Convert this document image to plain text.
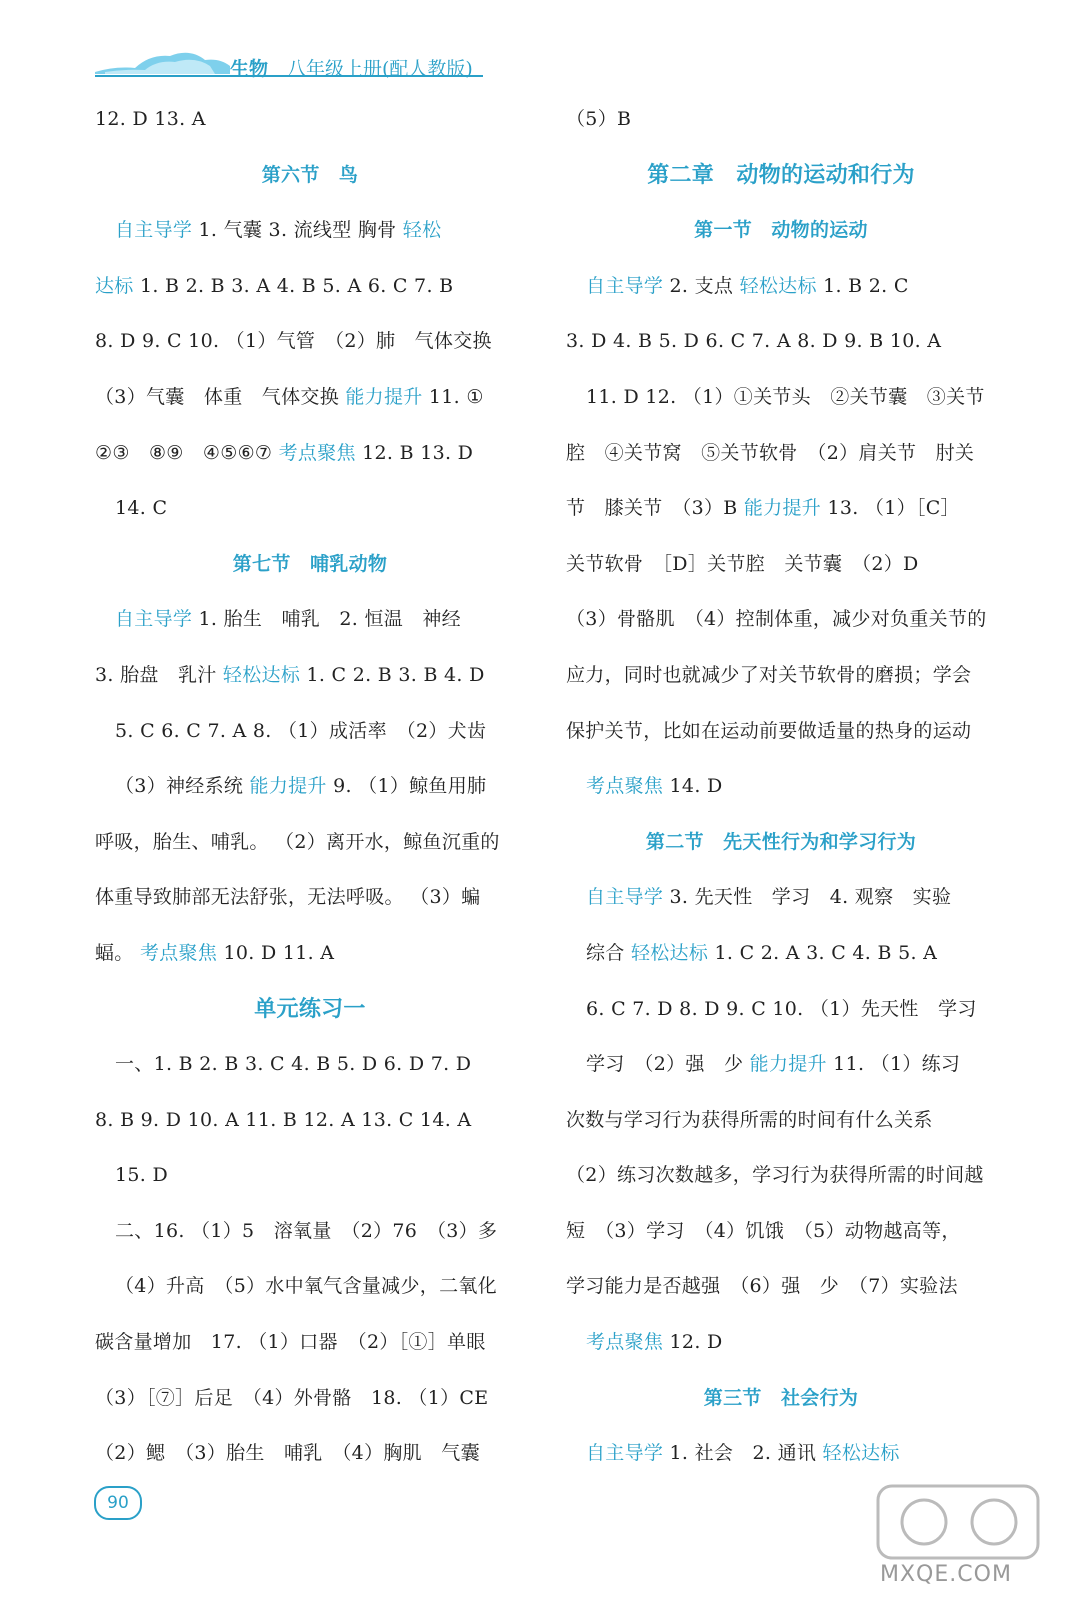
生物 八年级上册(配人教版)
12. D 13. A
第六节　鸟
自主导学 1. 气囊 3. 流线型 胸骨 轻松
达标 1. B 2. B 3. A 4. B 5. A 6. C 7. B
8. D 9. C 10. （1）气管　（2）肺　气体交换
（3）气囊　体重　气体交换 能力提升 11. ①
②③　⑧⑨　④⑤⑥⑦ 考点聚焦 12. B 13. D
14. C
第七节　哺乳动物
自主导学 1. 胎生　哺乳　2. 恒温　神经
3. 胎盘　乳汁 轻松达标 1. C 2. B 3. B 4. D
5. C 6. C 7. A 8. （1）成活率　（2）犬齿
（3）神经系统 能力提升 9. （1）鲸鱼用肺
呼吸，胎生、哺乳。 （2）离开水，鲸鱼沉重的
体重导致肺部无法舒张，无法呼吸。 （3）蝙
蝠。 考点聚焦 10. D 11. A
单元练习一
一、1. B 2. B 3. C 4. B 5. D 6. D 7. D
8. B 9. D 10. A 11. B 12. A 13. C 14. A
15. D
二、16. （1）5　溶氧量　（2）76　（3）多
（4）升高　（5）水中氧气含量减少，二氧化
碳含量增加　17. （1）口器　（2）［①］单眼
（3）［⑦］后足　（4）外骨骼　18. （1）CE
（2）鳃　（3）胎生　哺乳　（4）胸肌　气囊
（5）B
第二章　动物的运动和行为
第一节　动物的运动
自主导学 2. 支点 轻松达标 1. B 2. C
3. D 4. B 5. D 6. C 7. A 8. D 9. B 10. A
11. D 12. （1）①关节头　②关节囊　③关节
腔　④关节窝　⑤关节软骨　（2）肩关节　肘关
节　膝关节　（3）B 能力提升 13. （1）［C］
关节软骨　［D］关节腔　关节囊　（2）D
（3）骨骼肌　（4）控制体重，减少对负重关节的
应力，同时也就减少了对关节软骨的磨损；学会
保护关节，比如在运动前要做适量的热身的运动
考点聚焦 14. D
第二节　先天性行为和学习行为
自主导学 3. 先天性　学习　4. 观察　实验
综合 轻松达标 1. C 2. A 3. C 4. B 5. A
6. C 7. D 8. D 9. C 10. （1）先天性　学习
学习　（2）强　少 能力提升 11. （1）练习
次数与学习行为获得所需的时间有什么关系
（2）练习次数越多，学习行为获得所需的时间越
短　（3）学习　（4）饥饿　（5）动物越高等，
学习能力是否越强　（6）强　少　（7）实验法
考点聚焦 12. D
第三节　社会行为
自主导学 1. 社会　2. 通讯 轻松达标
90
MXQE.COM
